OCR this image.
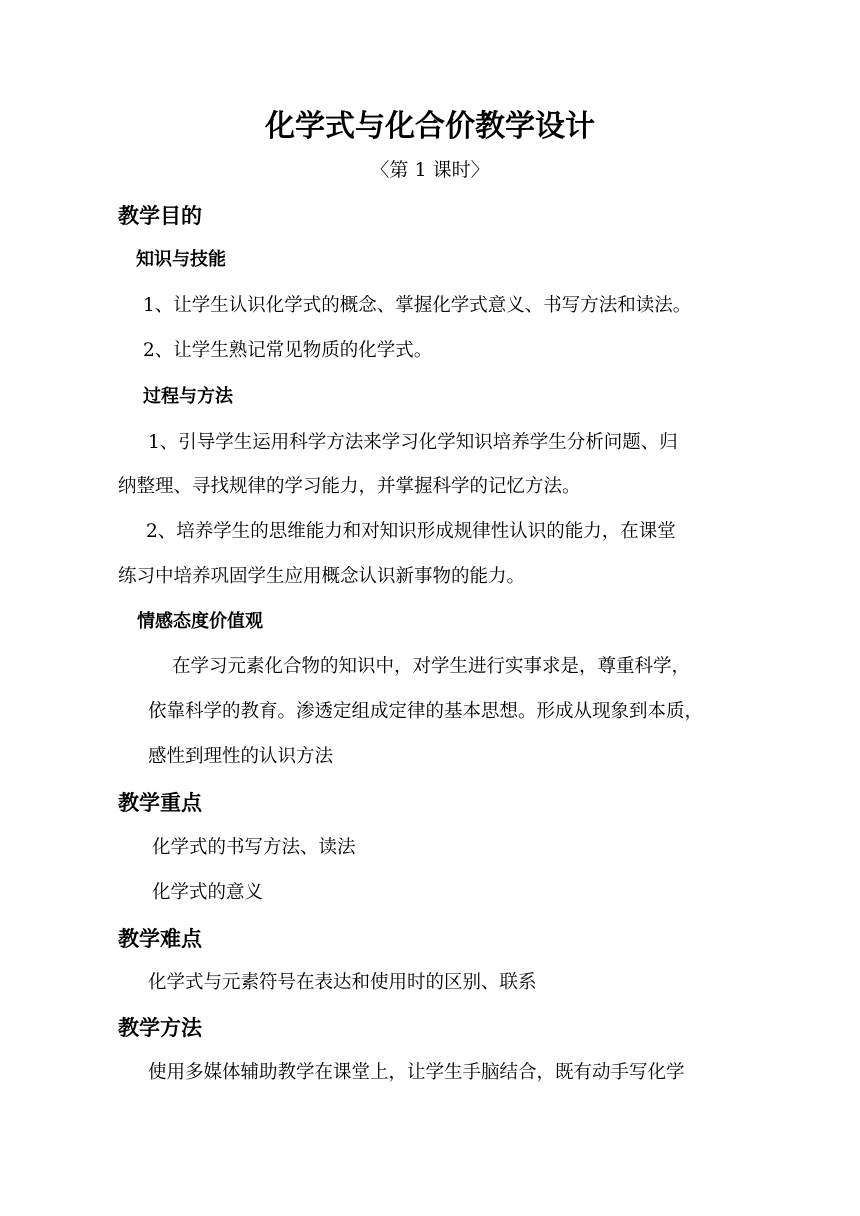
化学式与化合价教学设计
〈第 1 课时〉
教学目的
知识与技能
1、让学生认识化学式的概念、掌握化学式意义、书写方法和读法。
2、让学生熟记常见物质的化学式。
过程与方法
1、引导学生运用科学方法来学习化学知识培养学生分析问题、归
纳整理、寻找规律的学习能力，并掌握科学的记忆方法。
2、培养学生的思维能力和对知识形成规律性认识的能力，在课堂
练习中培养巩固学生应用概念认识新事物的能力。
情感态度价值观
在学习元素化合物的知识中，对学生进行实事求是，尊重科学，
依靠科学的教育。渗透定组成定律的基本思想。形成从现象到本质，
感性到理性的认识方法
教学重点
化学式的书写方法、读法
化学式的意义
教学难点
化学式与元素符号在表达和使用时的区别、联系
教学方法
使用多媒体辅助教学在课堂上，让学生手脑结合，既有动手写化学
